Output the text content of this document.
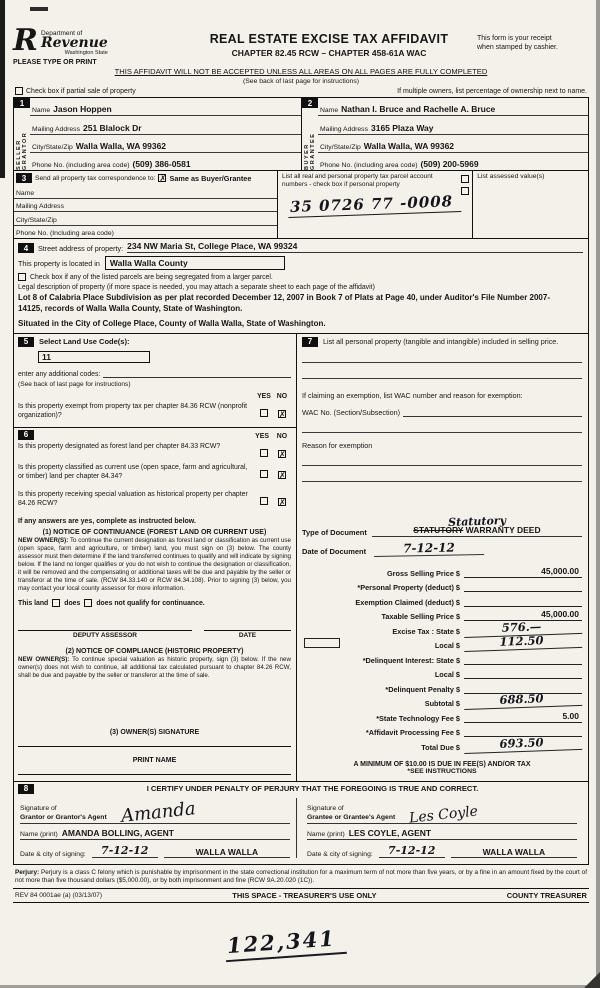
R Department of
Revenue
Washington State
PLEASE TYPE OR PRINT
REAL ESTATE EXCISE TAX AFFIDAVIT
CHAPTER 82.45 RCW – CHAPTER 458-61A WAC
This form is your receipt
when stamped by cashier.
THIS AFFIDAVIT WILL NOT BE ACCEPTED UNLESS ALL AREAS ON ALL PAGES ARE FULLY COMPLETED
(See back of last page for instructions)
Check box if partial sale of property	If multiple owners, list percentage of ownership next to name.
1
SELLER GRANTOR
Name Jason Hoppen
Mailing Address 251 Blalock Dr
City/State/Zip Walla Walla, WA 99362
Phone No. (including area code) (509) 386-0581
2
BUYER GRANTEE
Name Nathan I. Bruce and Rachelle A. Bruce
Mailing Address 3165 Plaza Way
City/State/Zip Walla Walla, WA 99362
Phone No. (including area code) (509) 200-5969
3	Send all property tax correspondence to: ✗ Same as Buyer/Grantee
Name
Mailing Address
City/State/Zip
Phone No. (Including area code)
List all real and personal property tax parcel account numbers - check box if personal property
35 0726 77 -0008
List assessed value(s)
4	Street address of property: 234 NW Maria St, College Place, WA 99324
This property is located in	Walla Walla County
Check box if any of the listed parcels are being segregated from a larger parcel.
Legal description of property (if more space is needed, you may attach a separate sheet to each page of the affidavit)
Lot 8 of Calabria Place Subdivision as per plat recorded December 12, 2007 in Book 7 of Plats at Page 40, under Auditor's File Number 2007-14125, records of Walla Walla County, State of Washington.
Situated in the City of College Place, County of Walla Walla, State of Washington.
5	Select Land Use Code(s):
11
enter any additional codes:
(See back of last page for instructions)
YES NO
Is this property exempt from property tax per chapter 84.36 RCW (nonprofit organization)?	✗
6	YES NO
Is this property designated as forest land per chapter 84.33 RCW?
✗
Is this property classified as current use (open space, farm and agricultural, or timber) land per chapter 84.34?	✗
Is this property receiving special valuation as historical property per chapter 84.26 RCW?	✗
If any answers are yes, complete as instructed below.
(1) NOTICE OF CONTINUANCE (FOREST LAND OR CURRENT USE)
NEW OWNER(S): To continue the current designation as forest land or classification as current use (open space, farm and agriculture, or timber) land, you must sign on (3) below. The county assessor must then determine if the land transferred continues to qualify and will indicate by signing below. If the land no longer qualifies or you do not wish to continue the designation or classification, it will be removed and the compensating or additional taxes will be due and payable by the seller or transferor at the time of sale. (RCW 84.33.140 or RCW 84.34.108). Prior to signing (3) below, you may contact your local county assessor for more information.
This land does does not qualify for continuance.
DEPUTY ASSESSOR	DATE
(2) NOTICE OF COMPLIANCE (HISTORIC PROPERTY)
NEW OWNER(S): To continue special valuation as historic property, sign (3) below. If the new owner(s) does not wish to continue, all additional tax calculated pursuant to chapter 84.26 RCW, shall be due and payable by the seller or transferor at the time of sale.
(3) OWNER(S) SIGNATURE
PRINT NAME
7	List all personal property (tangible and intangible) included in selling price.
If claiming an exemption, list WAC number and reason for exemption:
WAC No. (Section/Subsection)
Reason for exemption
Type of Document
Statutory
STATUTORY WARRANTY DEED
Date of Document	7-12-12
Gross Selling Price $	45,000.00
*Personal Property (deduct) $
Exemption Claimed (deduct) $
Taxable Selling Price $	45,000.00
Excise Tax : State $	576.—
Local $	112.50
*Delinquent Interest: State $
Local $
*Delinquent Penalty $
Subtotal $	688.50
*State Technology Fee $	5.00
*Affidavit Processing Fee $
Total Due $	693.50
A MINIMUM OF $10.00 IS DUE IN FEE(S) AND/OR TAX
*SEE INSTRUCTIONS
8	I CERTIFY UNDER PENALTY OF PERJURY THAT THE FOREGOING IS TRUE AND CORRECT.
Signature of
Grantor or Grantor's Agent Amanda
Name (print) AMANDA BOLLING, AGENT
Date & city of signing:	7-12-12	WALLA WALLA
Signature of
Grantee or Grantee's Agent Les Coyle
Name (print) LES COYLE, AGENT
Date & city of signing:	7-12-12	WALLA WALLA
Perjury: Perjury is a class C felony which is punishable by imprisonment in the state correctional institution for a maximum term of not more than five years, or by a fine in an amount fixed by the court of not more than five thousand dollars ($5,000.00), or by both imprisonment and fine (RCW 9A.20.020 (1C)).
REV 84 0001ae (a) (03/13/07)	THIS SPACE - TREASURER'S USE ONLY	COUNTY TREASURER
122,341
